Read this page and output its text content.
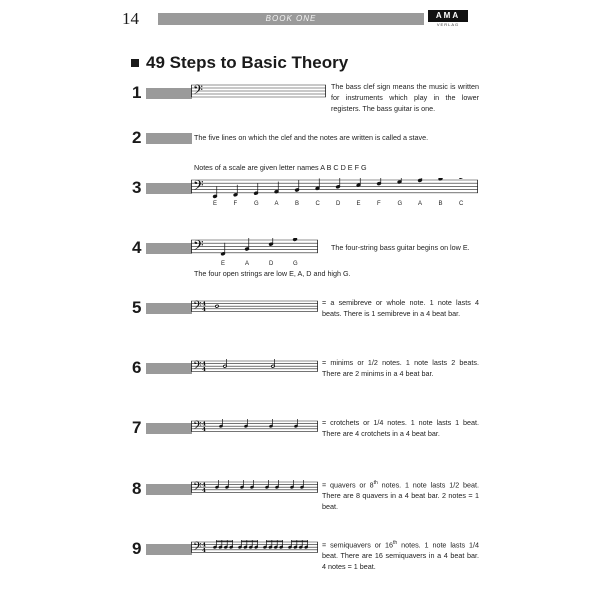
14	BOOK ONE	AMA
VERLAG
49 Steps to Basic Theory
1	𝄢	The bass clef sign means the music is written for instruments which play in the lower registers. The bass guitar is one.
2	The five lines on which the clef and the notes are written is called a stave.
Notes of a scale are given letter names A B C D E F G
3	𝄢
E	F	G	A	B	C	D	E	F	G	A	B	C
4	𝄢
E	A	D	G
The four-string bass guitar begins on low E.
The four open strings are low E, A, D and high G.
5	𝄢 4
4
= a semibreve or whole note. 1 note lasts 4 beats. There is 1 semibreve in a 4 beat bar.
6	𝄢 4
4
= minims or 1/2 notes. 1 note lasts 2 beats. There are 2 minims in a 4 beat bar.
7	𝄢 4
4
= crotchets or 1/4 notes. 1 note lasts 1 beat. There are 4 crotchets in a 4 beat bar.
8	𝄢 4
4
= quavers or 8th notes. 1 note lasts 1/2 beat. There are 8 quavers in a 4 beat bar. 2 notes = 1 beat.
9	𝄢 4
4
= semiquavers or 16th notes. 1 note lasts 1/4 beat. There are 16 semiquavers in a 4 beat bar. 4 notes = 1 beat.
